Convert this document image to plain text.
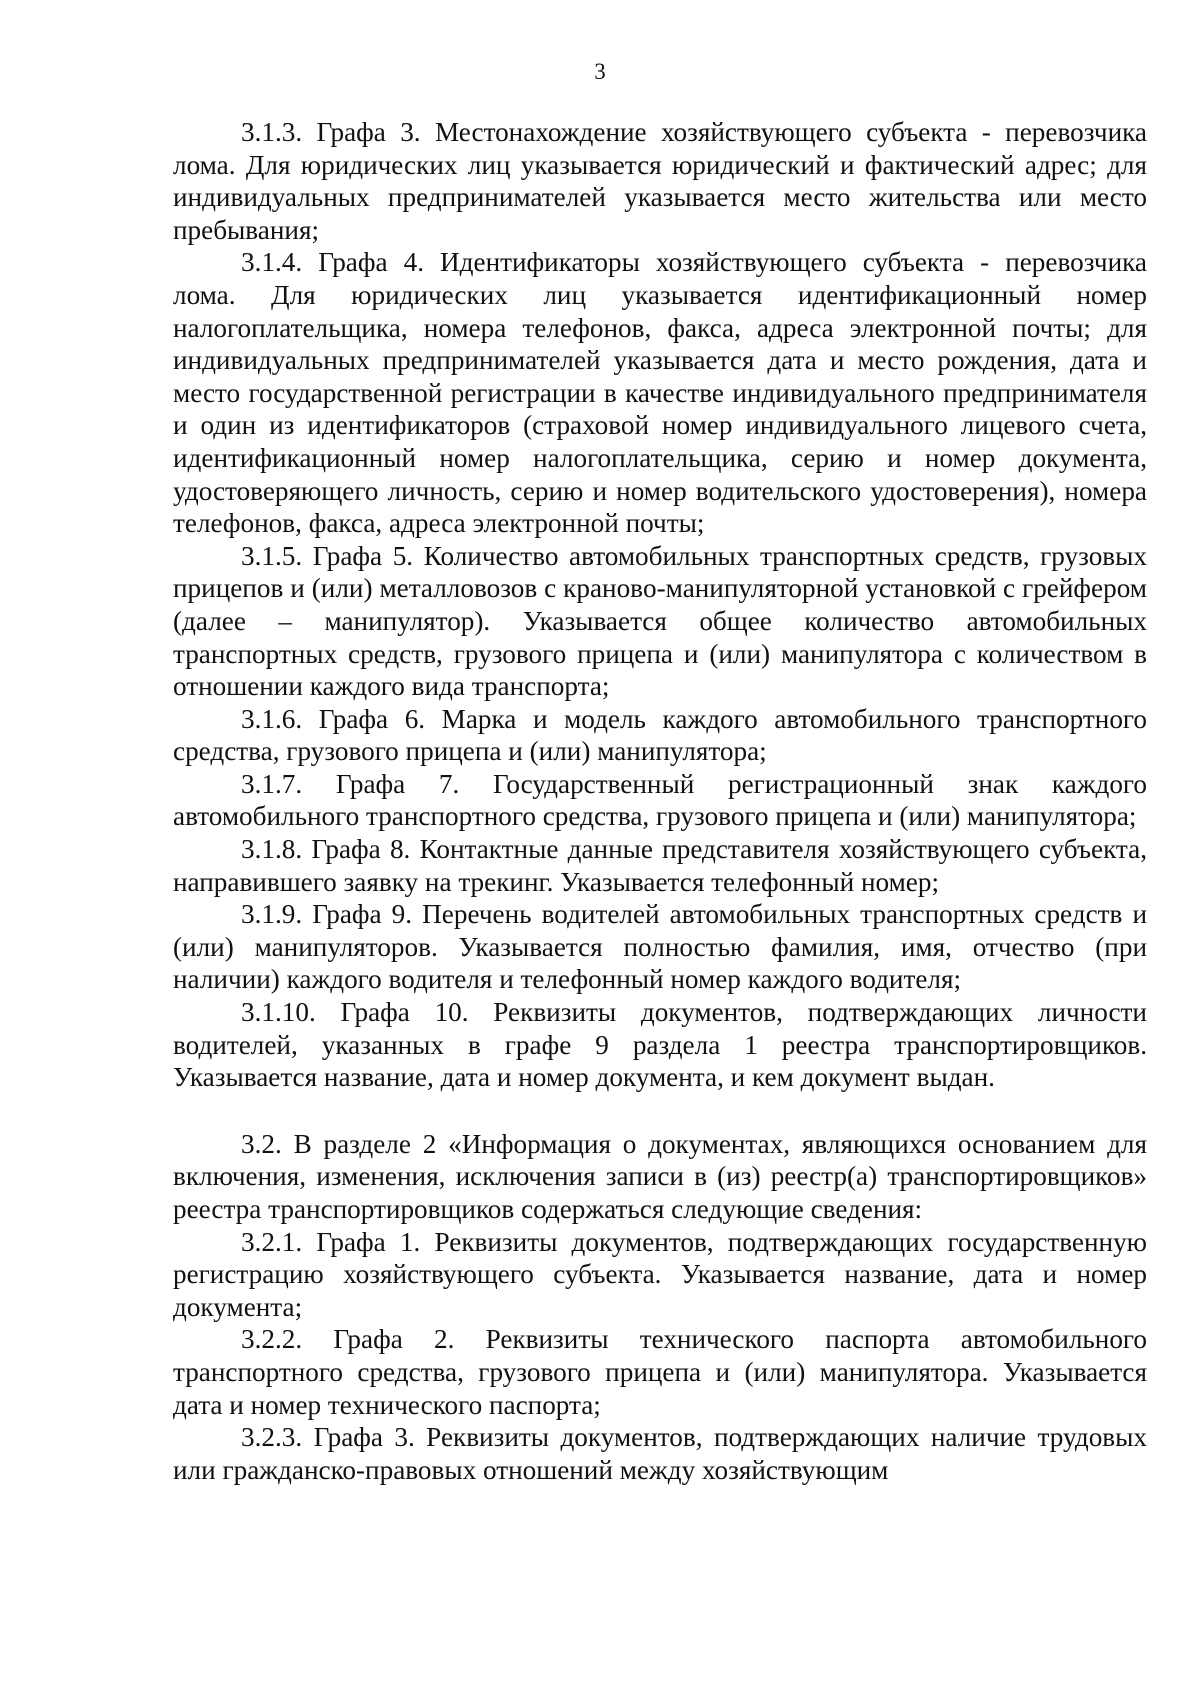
3

3.1.3. Графа 3. Местонахождение хозяйствующего субъекта - перевозчика лома. Для юридических лиц указывается юридический и фактический адрес; для индивидуальных предпринимателей указывается место жительства или место пребывания;

3.1.4. Графа 4. Идентификаторы хозяйствующего субъекта - перевозчика лома. Для юридических лиц указывается идентификационный номер налогоплательщика, номера телефонов, факса, адреса электронной почты; для индивидуальных предпринимателей указывается дата и место рождения, дата и место государственной регистрации в качестве индивидуального предпринимателя и один из идентификаторов (страховой номер индивидуального лицевого счета, идентификационный номер налогоплательщика, серию и номер документа, удостоверяющего личность, серию и номер водительского удостоверения), номера телефонов, факса, адреса электронной почты;

3.1.5. Графа 5. Количество автомобильных транспортных средств, грузовых прицепов и (или) металловозов с крановo-манипуляторной установкой с грейфером (далее – манипулятор). Указывается общее количество автомобильных транспортных средств, грузового прицепа и (или) манипулятора с количеством в отношении каждого вида транспорта;

3.1.6. Графа 6. Марка и модель каждого автомобильного транспортного средства, грузового прицепа и (или) манипулятора;

3.1.7. Графа 7. Государственный регистрационный знак каждого автомобильного транспортного средства, грузового прицепа и (или) манипулятора;

3.1.8. Графа 8. Контактные данные представителя хозяйствующего субъекта, направившего заявку на трекинг. Указывается телефонный номер;

3.1.9. Графа 9. Перечень водителей автомобильных транспортных средств и (или) манипуляторов. Указывается полностью фамилия, имя, отчество (при наличии) каждого водителя и телефонный номер каждого водителя;

3.1.10. Графа 10. Реквизиты документов, подтверждающих личности водителей, указанных в графе 9 раздела 1 реестра транспортировщиков. Указывается название, дата и номер документа, и кем документ выдан.

3.2. В разделе 2 «Информация о документах, являющихся основанием для включения, изменения, исключения записи в (из) реестр(а) транспортировщиков» реестра транспортировщиков содержаться следующие сведения:

3.2.1. Графа 1. Реквизиты документов, подтверждающих государственную регистрацию хозяйствующего субъекта. Указывается название, дата и номер документа;

3.2.2. Графа 2. Реквизиты технического паспорта автомобильного транспортного средства, грузового прицепа и (или) манипулятора. Указывается дата и номер технического паспорта;

3.2.3. Графа 3. Реквизиты документов, подтверждающих наличие трудовых или гражданско-правовых отношений между хозяйствующим
